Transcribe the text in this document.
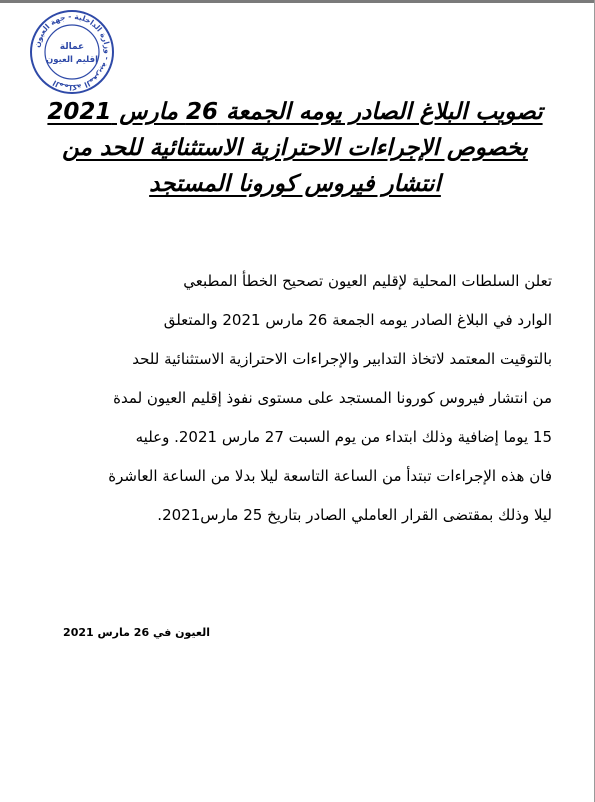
المملكة المغربية - وزارة الداخلية - جهة العيون
عمالة
إقليم العيون
تصويب البلاغ الصادر يومه الجمعة 26 مارس 2021
بخصوص الإجراءات الاحترازية الاستثنائية للحد من
انتشار فيروس كورونا المستجد
تعلن السلطات المحلية لإقليم العيون تصحيح الخطأ المطبعي
الوارد في البلاغ الصادر يومه الجمعة 26 مارس 2021 والمتعلق
بالتوقيت المعتمد لاتخاذ التدابير والإجراءات الاحترازية الاستثنائية للحد
من انتشار فيروس كورونا المستجد على مستوى نفوذ إقليم العيون لمدة
15 يوما إضافية وذلك ابتداء من يوم السبت 27 مارس 2021. وعليه
فان هذه الإجراءات تبتدأ من الساعة التاسعة ليلا بدلا من الساعة العاشرة
ليلا وذلك بمقتضى القرار العاملي الصادر بتاريخ 25 مارس2021.
العيون في 26 مارس 2021
